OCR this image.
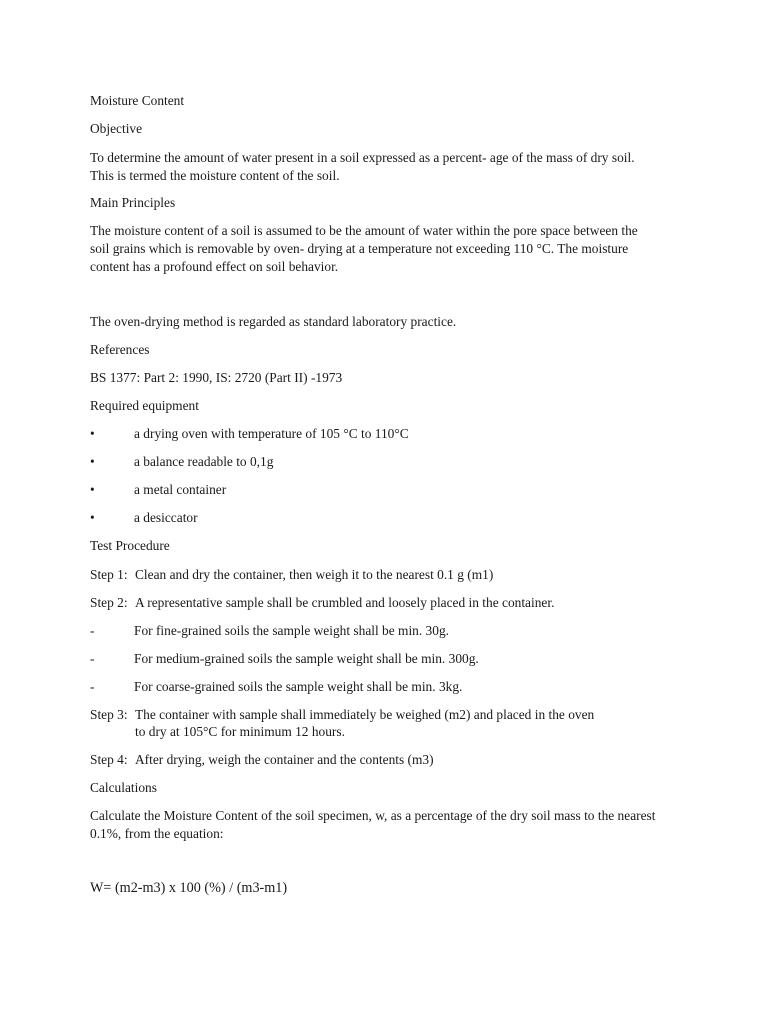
Moisture Content
Objective
To determine the amount of water present in a soil expressed as a percent- age of the mass of dry soil.
This is termed the moisture content of the soil.
Main Principles
The moisture content of a soil is assumed to be the amount of water within the pore space between the
soil grains which is removable by oven- drying at a temperature not exceeding 110 °C. The moisture
content has a profound effect on soil behavior.
The oven-drying method is regarded as standard laboratory practice.
References
BS 1377: Part 2: 1990, IS: 2720 (Part II) -1973
Required equipment
•	a drying oven with temperature of 105 °C to 110°C
•	a balance readable to 0,1g
•	a metal container
•	a desiccator
Test Procedure
Step 1: Clean and dry the container, then weigh it to the nearest 0.1 g (m1)
Step 2: A representative sample shall be crumbled and loosely placed in the container.
-	For fine-grained soils the sample weight shall be min. 30g.
-	For medium-grained soils the sample weight shall be min. 300g.
-	For coarse-grained soils the sample weight shall be min. 3kg.
Step 3: The container with sample shall immediately be weighed (m2) and placed in the oven
to dry at 105°C for minimum 12 hours.
Step 4: After drying, weigh the container and the contents (m3)
Calculations
Calculate the Moisture Content of the soil specimen, w, as a percentage of the dry soil mass to the nearest
0.1%, from the equation:
W= (m2-m3) x 100 (%) / (m3-m1)
